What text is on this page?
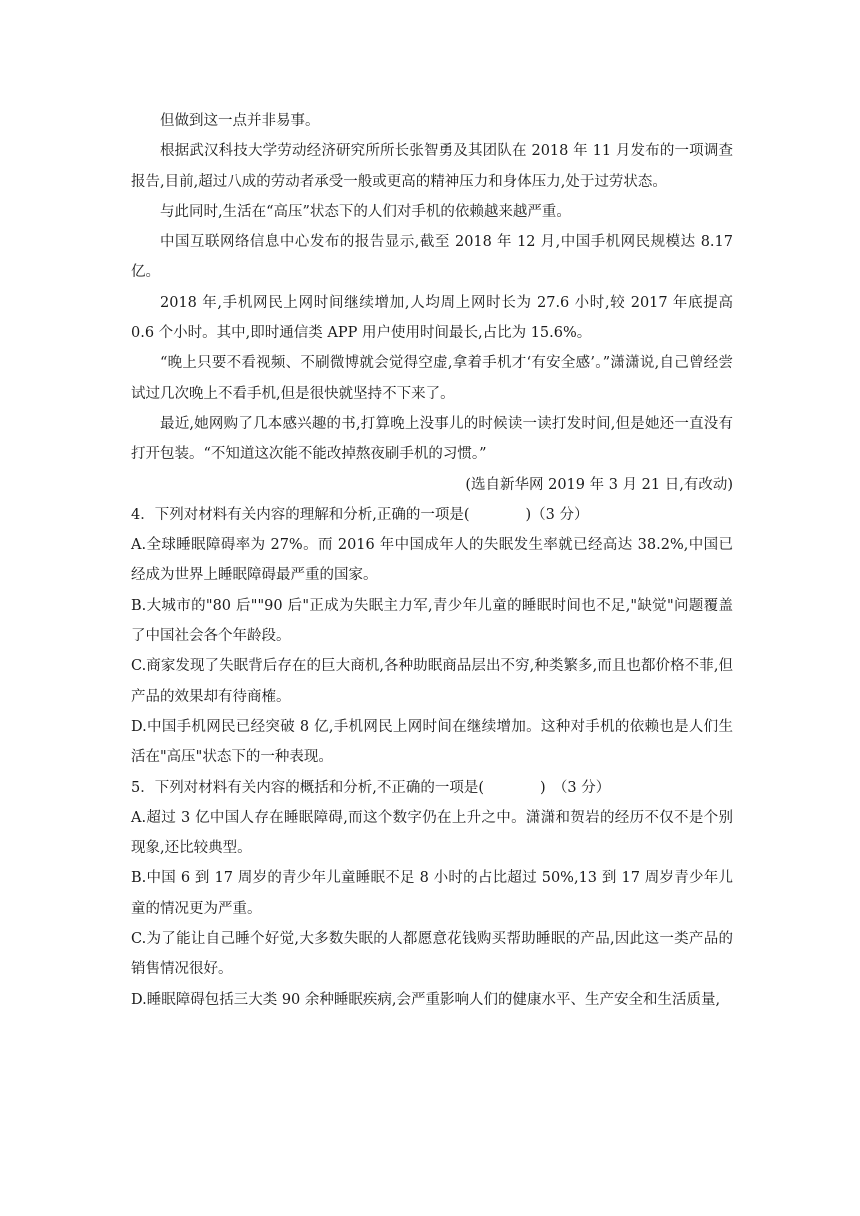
但做到这一点并非易事。

根据武汉科技大学劳动经济研究所所长张智勇及其团队在 2018 年 11 月发布的一项调查报告,目前,超过八成的劳动者承受一般或更高的精神压力和身体压力,处于过劳状态。

与此同时,生活在“高压”状态下的人们对手机的依赖越来越严重。

中国互联网络信息中心发布的报告显示,截至 2018 年 12 月,中国手机网民规模达 8.17 亿。

2018 年,手机网民上网时间继续增加,人均周上网时长为 27.6 小时,较 2017 年底提高 0.6 个小时。其中,即时通信类 APP 用户使用时间最长,占比为 15.6%。

“晚上只要不看视频、不刷微博就会觉得空虚,拿着手机才‘有安全感’。”潇潇说,自己曾经尝试过几次晚上不看手机,但是很快就坚持不下来了。

最近,她网购了几本感兴趣的书,打算晚上没事儿的时候读一读打发时间,但是她还一直没有打开包装。“不知道这次能不能改掉熬夜刷手机的习惯。”

(选自新华网 2019 年 3 月 21 日,有改动)

4．下列对材料有关内容的理解和分析,正确的一项是(	)（3 分）

A.全球睡眠障碍率为 27%。而 2016 年中国成年人的失眠发生率就已经高达 38.2%,中国已经成为世界上睡眠障碍最严重的国家。

B.大城市的"80 后""90 后"正成为失眠主力军,青少年儿童的睡眠时间也不足,"缺觉"问题覆盖了中国社会各个年龄段。

C.商家发现了失眠背后存在的巨大商机,各种助眠商品层出不穷,种类繁多,而且也都价格不菲,但产品的效果却有待商榷。

D.中国手机网民已经突破 8 亿,手机网民上网时间在继续增加。这种对手机的依赖也是人们生活在"高压"状态下的一种表现。

5．下列对材料有关内容的概括和分析,不正确的一项是(	)　（3 分）

A.超过 3 亿中国人存在睡眠障碍,而这个数字仍在上升之中。潇潇和贺岩的经历不仅不是个别现象,还比较典型。

B.中国 6 到 17 周岁的青少年儿童睡眠不足 8 小时的占比超过 50%,13 到 17 周岁青少年儿童的情况更为严重。

C.为了能让自己睡个好觉,大多数失眠的人都愿意花钱购买帮助睡眠的产品,因此这一类产品的销售情况很好。

D.睡眠障碍包括三大类 90 余种睡眠疾病,会严重影响人们的健康水平、生产安全和生活质量,
